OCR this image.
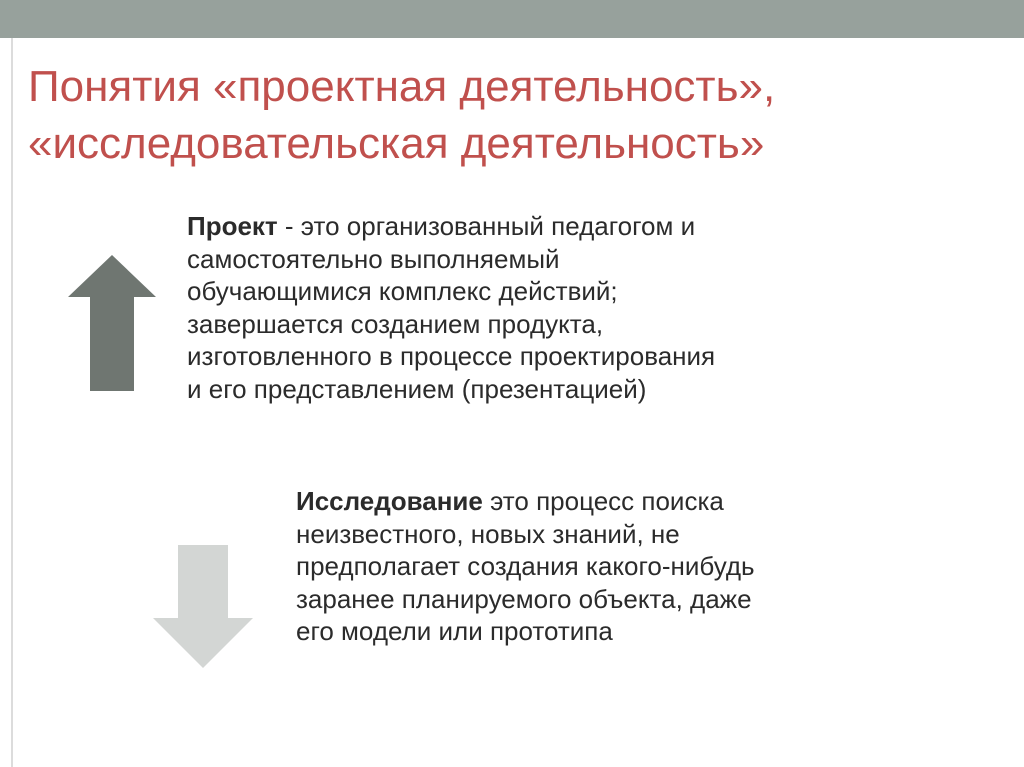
Понятия «проектная деятельность»,
«исследовательская деятельность»

Проект - это организованный педагогом и
самостоятельно выполняемый
обучающимися комплекс действий;
завершается созданием продукта,
изготовленного в процессе проектирования
и его представлением (презентацией)

Исследование это процесс поиска
неизвестного, новых знаний, не
предполагает создания какого-нибудь
заранее планируемого объекта, даже
его модели или прототипа
